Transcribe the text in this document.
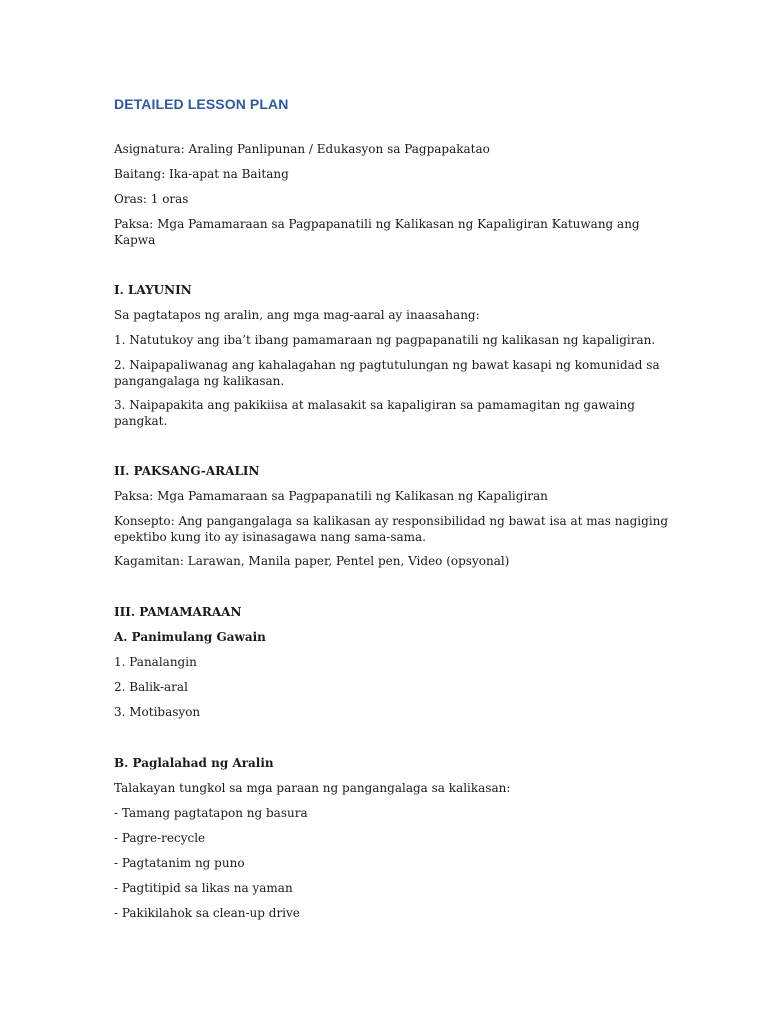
DETAILED LESSON PLAN

Asignatura: Araling Panlipunan / Edukasyon sa Pagpapakatao

Baitang: Ika-apat na Baitang

Oras: 1 oras

Paksa: Mga Pamamaraan sa Pagpapanatili ng Kalikasan ng Kapaligiran Katuwang ang

Kapwa

I. LAYUNIN

Sa pagtatapos ng aralin, ang mga mag-aaral ay inaasahang:

1. Natutukoy ang iba’t ibang pamamaraan ng pagpapanatili ng kalikasan ng kapaligiran.

2. Naipapaliwanag ang kahalagahan ng pagtutulungan ng bawat kasapi ng komunidad sa

pangangalaga ng kalikasan.

3. Naipapakita ang pakikiisa at malasakit sa kapaligiran sa pamamagitan ng gawaing

pangkat.

II. PAKSANG-ARALIN

Paksa: Mga Pamamaraan sa Pagpapanatili ng Kalikasan ng Kapaligiran

Konsepto: Ang pangangalaga sa kalikasan ay responsibilidad ng bawat isa at mas nagiging

epektibo kung ito ay isinasagawa nang sama-sama.

Kagamitan: Larawan, Manila paper, Pentel pen, Video (opsyonal)

III. PAMAMARAAN

A. Panimulang Gawain

1. Panalangin

2. Balik-aral

3. Motibasyon

B. Paglalahad ng Aralin

Talakayan tungkol sa mga paraan ng pangangalaga sa kalikasan:

- Tamang pagtatapon ng basura

- Pagre-recycle

- Pagtatanim ng puno

- Pagtitipid sa likas na yaman

- Pakikilahok sa clean-up drive
